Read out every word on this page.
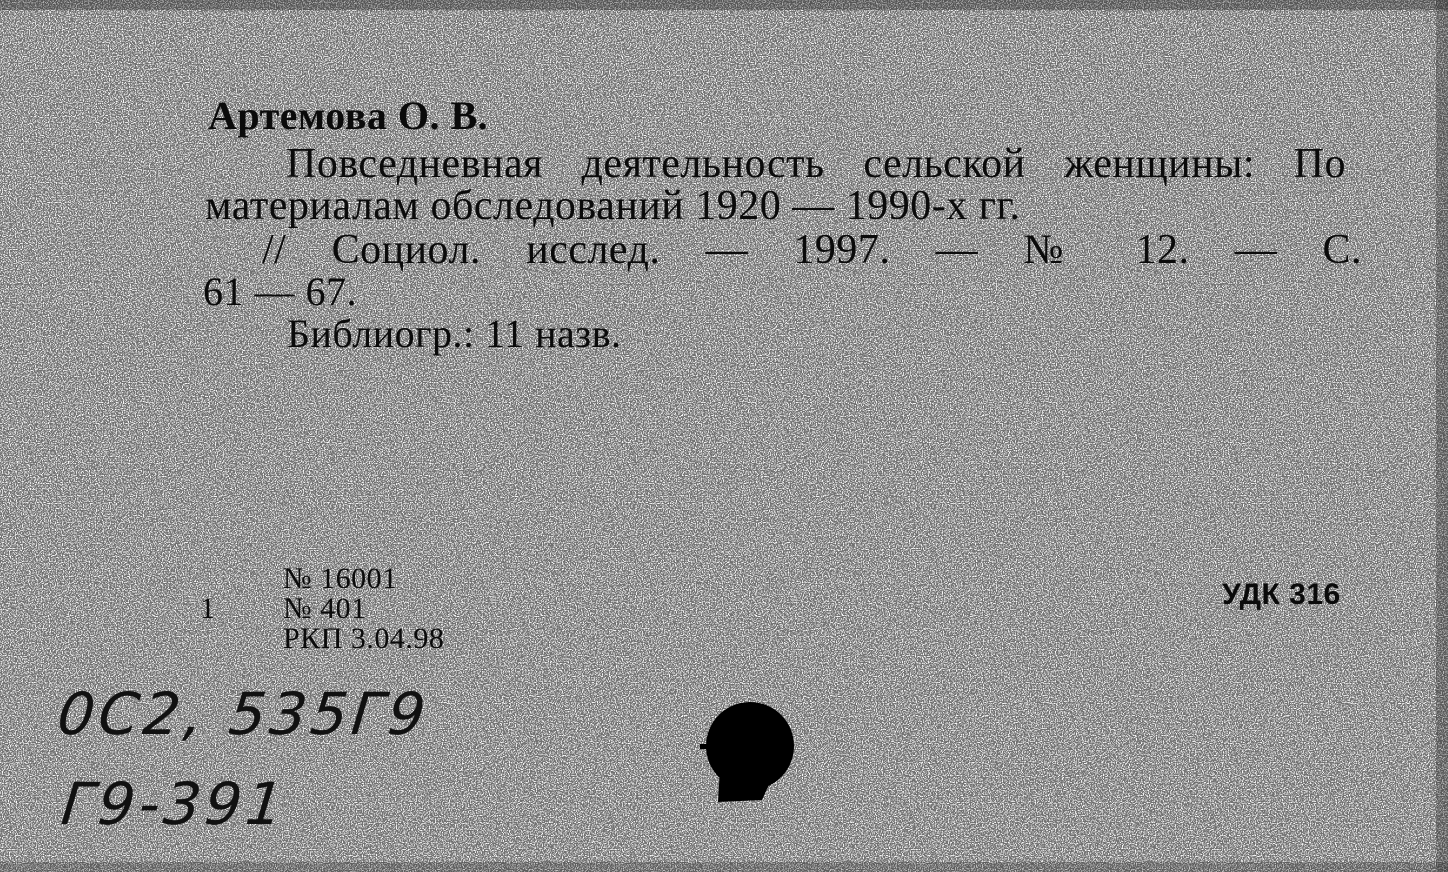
Артемова О. В.
Повседневная деятельность сельской женщины: По
материалам обследований 1920 — 1990-х гг.
// Социол. исслед. — 1997. — № 12. — С.
61 — 67.
Библиогр.: 11 назв.
1
№ 16001
№ 401
РКП 3.04.98
УДК 316
0С2, 535Г9
Г9-391
